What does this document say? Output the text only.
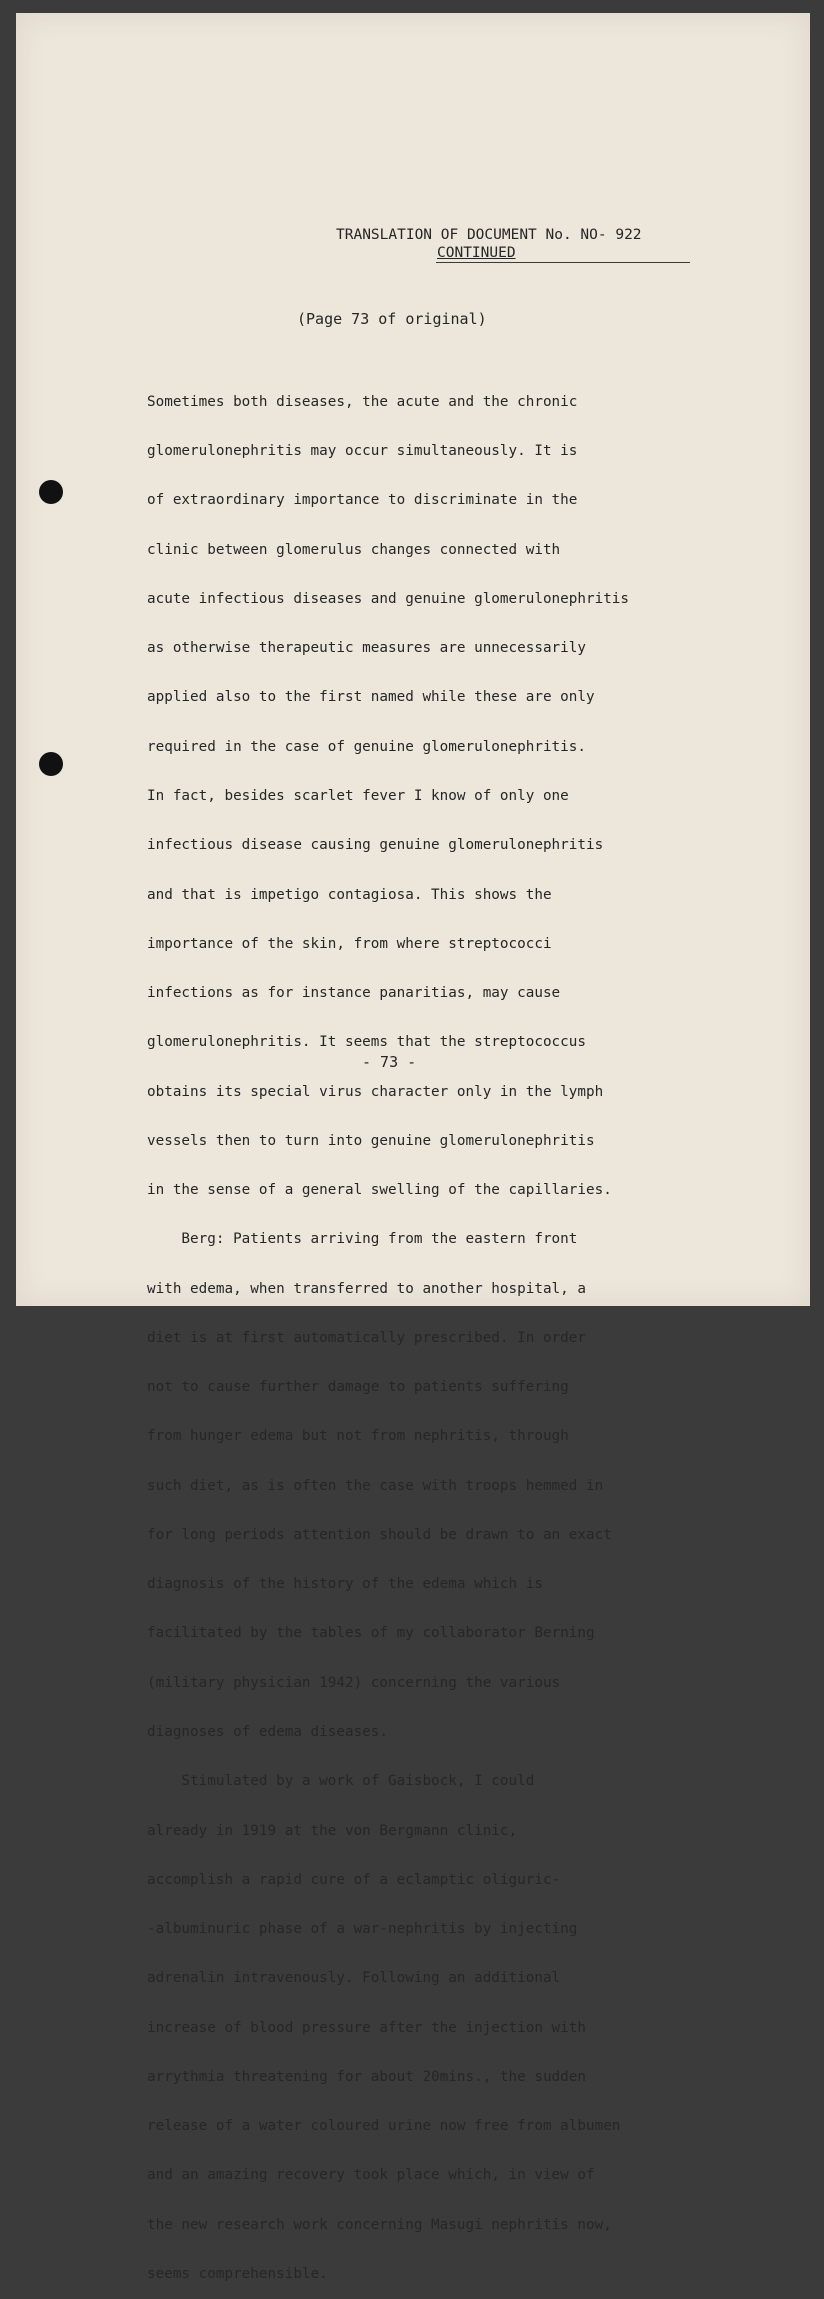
TRANSLATION OF DOCUMENT No. NO- 922
CONTINUED
(Page 73 of original)

Sometimes both diseases, the acute and the chronic

glomerulonephritis may occur simultaneously. It is

of extraordinary importance to discriminate in the

clinic between glomerulus changes connected with

acute infectious diseases and genuine glomerulonephritis

as otherwise therapeutic measures are unnecessarily

applied also to the first named while these are only

required in the case of genuine glomerulonephritis.

In fact, besides scarlet fever I know of only one

infectious disease causing genuine glomerulonephritis

and that is impetigo contagiosa. This shows the

importance of the skin, from where streptococci

infections as for instance panaritias, may cause

glomerulonephritis. It seems that the streptococcus

obtains its special virus character only in the lymph

vessels then to turn into genuine glomerulonephritis

in the sense of a general swelling of the capillaries.

Berg: Patients arriving from the eastern front

with edema, when transferred to another hospital, a

diet is at first automatically prescribed. In order

not to cause further damage to patients suffering

from hunger edema but not from nephritis, through

such diet, as is often the case with troops hemmed in

for long periods attention should be drawn to an exact

diagnosis of the history of the edema which is

facilitated by the tables of my collaborator Berning

(military physician 1942) concerning the various

diagnoses of edema diseases.

Stimulated by a work of Gaisbock, I could

already in 1919 at the von Bergmann clinic,

accomplish a rapid cure of a eclamptic oliguric-

-albuminuric phase of a war-nephritis by injecting

adrenalin intravenously. Following an additional

increase of blood pressure after the injection with

arrythmia threatening for about 20mins., the sudden

release of a water coloured urine now free from albumen

and an amazing recovery took place which, in view of

the new research work concerning Masugi nephritis now,

seems comprehensible.

- 73 -
